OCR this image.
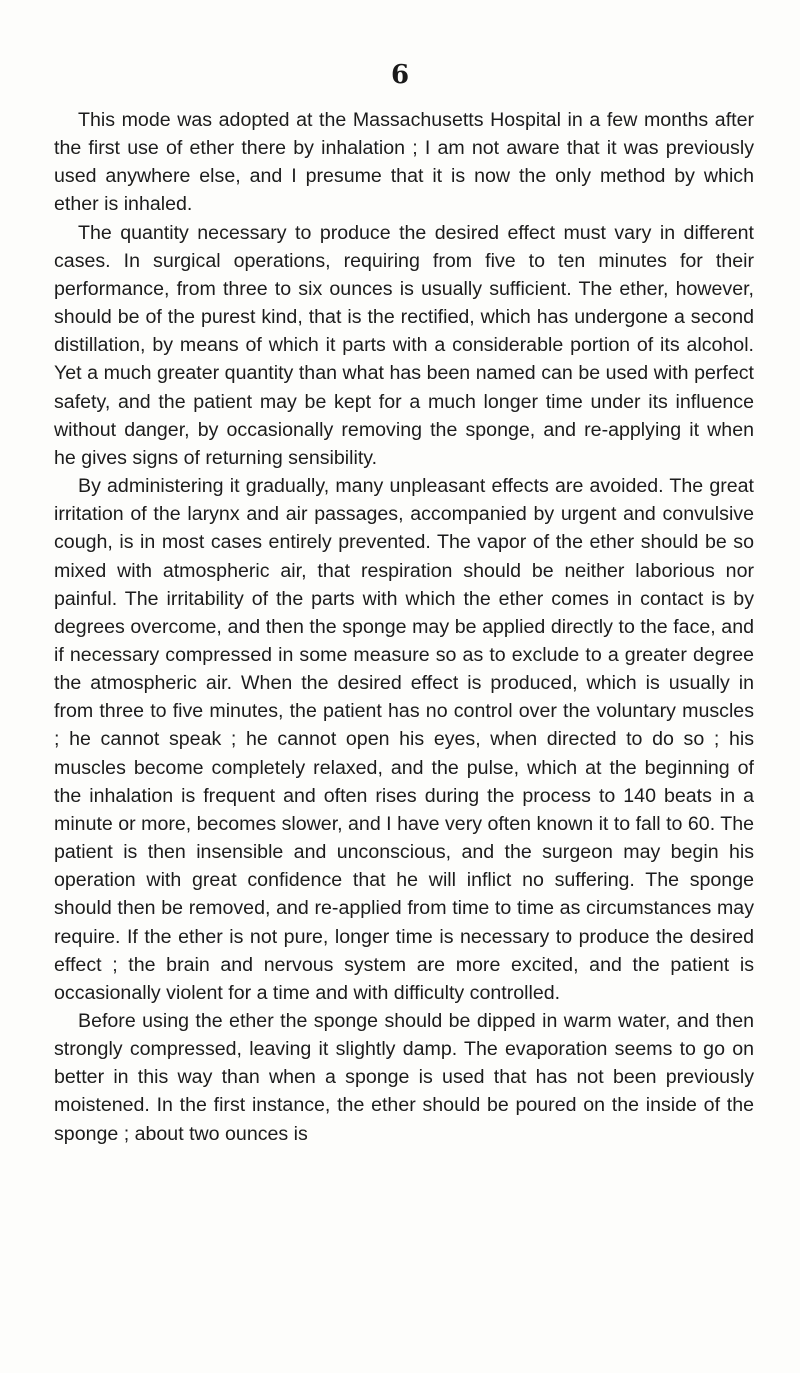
6

This mode was adopted at the Massachusetts Hospital in a few months after the first use of ether there by inhalation ; I am not aware that it was previously used anywhere else, and I presume that it is now the only method by which ether is inhaled.

The quantity necessary to produce the desired effect must vary in different cases. In surgical operations, requiring from five to ten minutes for their performance, from three to six ounces is usually sufficient. The ether, however, should be of the purest kind, that is the rectified, which has undergone a second distillation, by means of which it parts with a considerable portion of its alcohol. Yet a much greater quantity than what has been named can be used with perfect safety, and the patient may be kept for a much longer time under its influence without danger, by occasionally removing the sponge, and re-applying it when he gives signs of returning sensibility.

By administering it gradually, many unpleasant effects are avoided. The great irritation of the larynx and air passages, accompanied by urgent and convulsive cough, is in most cases entirely prevented. The vapor of the ether should be so mixed with atmospheric air, that respiration should be neither laborious nor painful. The irritability of the parts with which the ether comes in contact is by degrees overcome, and then the sponge may be applied directly to the face, and if necessary compressed in some measure so as to exclude to a greater degree the atmospheric air. When the desired effect is produced, which is usually in from three to five minutes, the patient has no control over the voluntary muscles ; he cannot speak ; he cannot open his eyes, when directed to do so ; his muscles become completely relaxed, and the pulse, which at the beginning of the inhalation is frequent and often rises during the process to 140 beats in a minute or more, becomes slower, and I have very often known it to fall to 60. The patient is then insensible and unconscious, and the surgeon may begin his operation with great confidence that he will inflict no suffering. The sponge should then be removed, and re-applied from time to time as circumstances may require. If the ether is not pure, longer time is necessary to produce the desired effect ; the brain and nervous system are more excited, and the patient is occasionally violent for a time and with difficulty controlled.

Before using the ether the sponge should be dipped in warm water, and then strongly compressed, leaving it slightly damp. The evaporation seems to go on better in this way than when a sponge is used that has not been previously moistened. In the first instance, the ether should be poured on the inside of the sponge ; about two ounces is
